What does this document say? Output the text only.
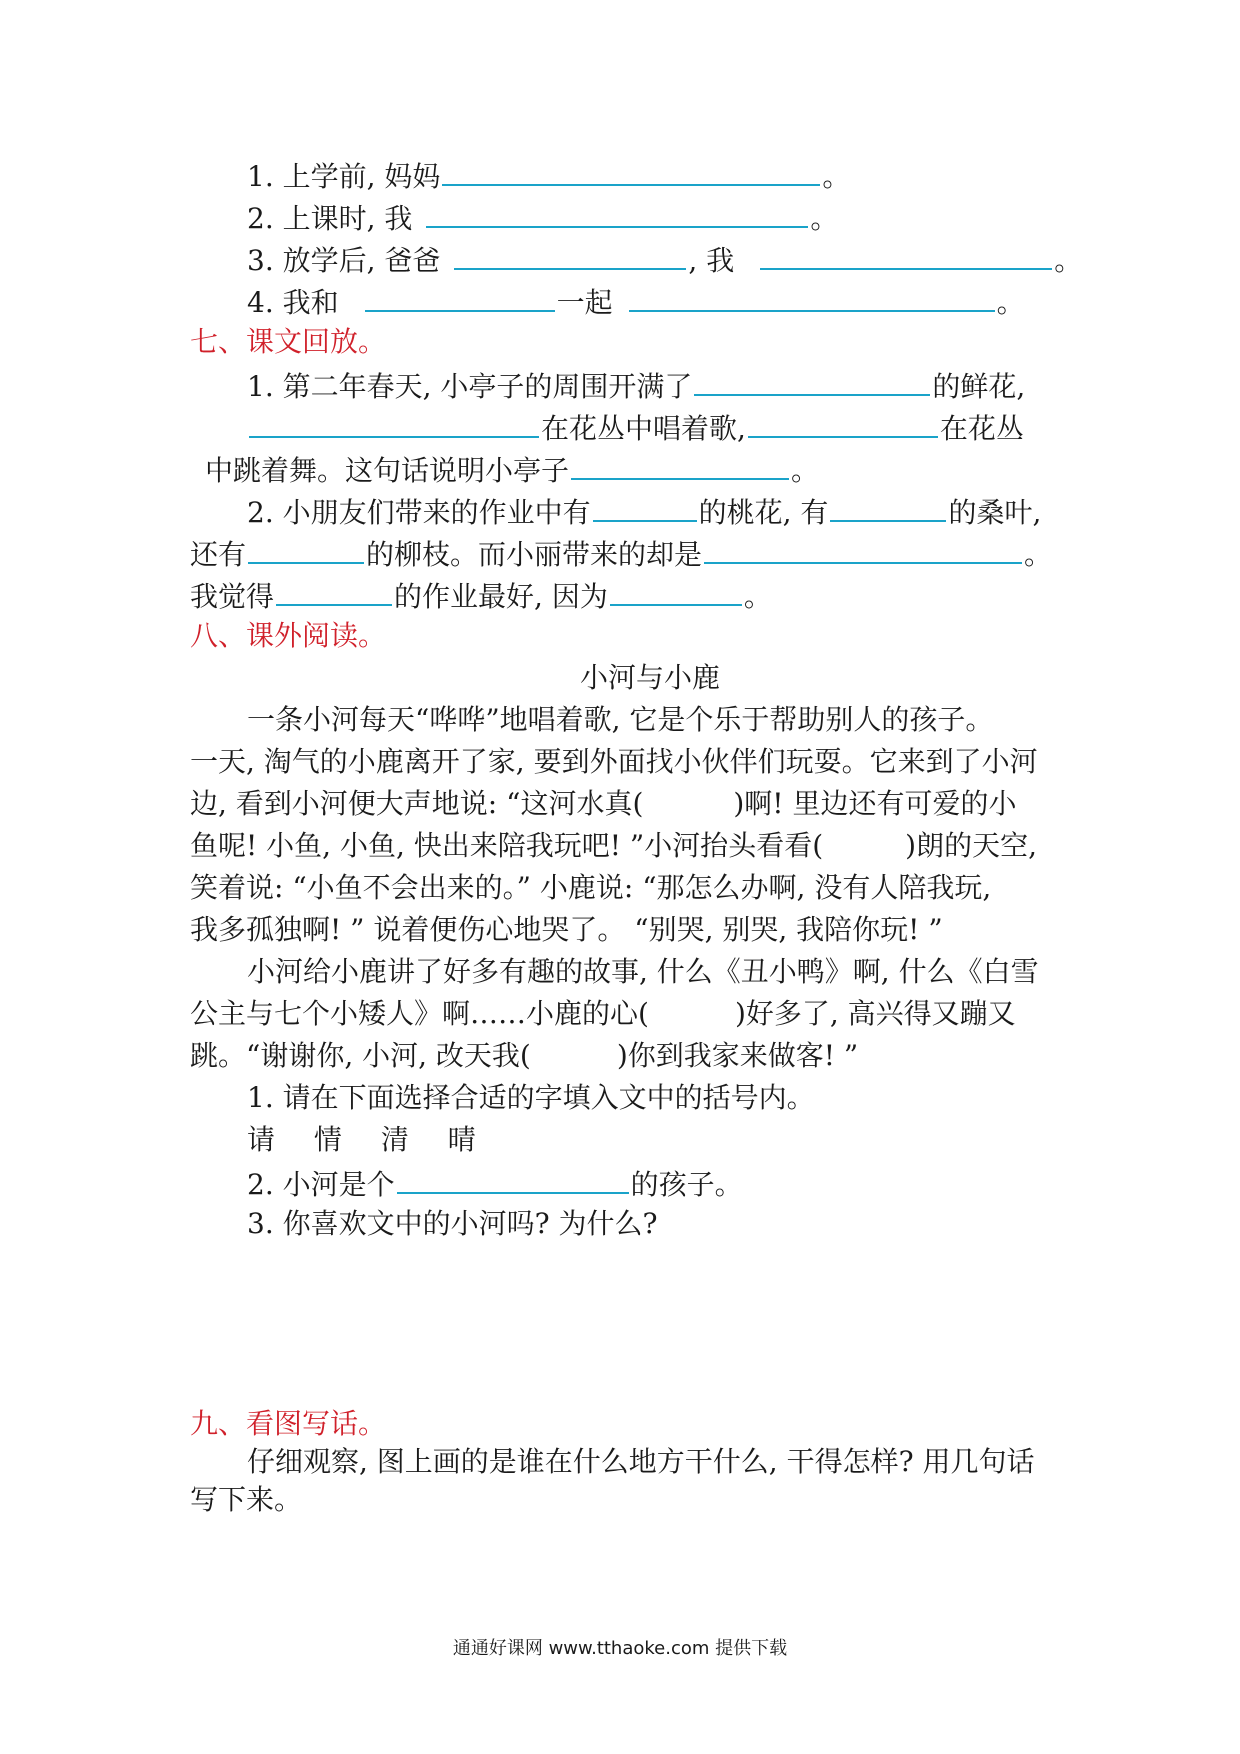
1. 上学前, 妈妈	。
2. 上课时, 我	。
3. 放学后, 爸爸	, 我	。
4. 我和	一起	。
七、课文回放。
1. 第二年春天, 小亭子的周围开满了	的鲜花,
在花丛中唱着歌,	在花丛
中跳着舞。这句话说明小亭子	。
2. 小朋友们带来的作业中有	的桃花, 有	的桑叶,
还有	的柳枝。而小丽带来的却是	。
我觉得	的作业最好, 因为	。
八、课外阅读。
小河与小鹿
一条小河每天“哗哗”地唱着歌, 它是个乐于帮助别人的孩子。
一天, 淘气的小鹿离开了家, 要到外面找小伙伴们玩耍。它来到了小河
边, 看到小河便大声地说: “这河水真(	)啊! 里边还有可爱的小
鱼呢! 小鱼, 小鱼, 快出来陪我玩吧! ”小河抬头看看(	)朗的天空,
笑着说: “小鱼不会出来的。” 小鹿说: “那怎么办啊, 没有人陪我玩,
我多孤独啊! ” 说着便伤心地哭了。 “别哭, 别哭, 我陪你玩! ”
小河给小鹿讲了好多有趣的故事, 什么《丑小鸭》啊, 什么《白雪
公主与七个小矮人》啊……小鹿的心(	)好多了, 高兴得又蹦又
跳。“谢谢你, 小河, 改天我(	)你到我家来做客! ”
1. 请在下面选择合适的字填入文中的括号内。
请 情 清 晴
2. 小河是个	的孩子。
3. 你喜欢文中的小河吗? 为什么?
九、看图写话。
仔细观察, 图上画的是谁在什么地方干什么, 干得怎样? 用几句话
写下来。
通通好课网 www.tthaoke.com 提供下载
